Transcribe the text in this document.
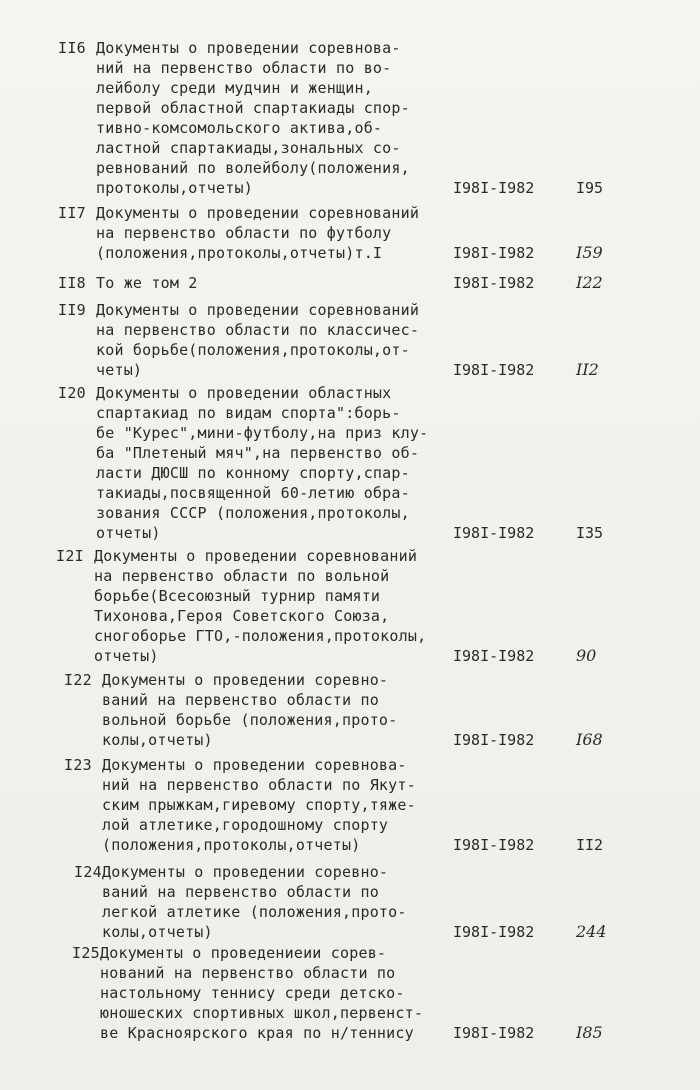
II6 Документы о проведении соревнова-
ний на первенство области по во-
лейболу среди мудчин и женщин,
первой областной спартакиады спор-
тивно-комсомольского актива,об-
ластной спартакиады,зональных со-
ревнований по волейболу(положения,
протоколы,отчеты)	I98I-I982	I95
II7 Документы о проведении соревнований
на первенство области по футболу
(положения,протоколы,отчеты)т.I	I98I-I982	I59
II8 То же том 2	I98I-I982	I22
II9 Документы о проведении соревнований
на первенство области по классичес-
кой борьбе(положения,протоколы,от-
четы)	I98I-I982	II2
I20 Документы о проведении областных
спартакиад по видам спорта":борь-
бе "Курес",мини-футболу,на приз клу-
ба "Плетеный мяч",на первенство об-
ласти ДЮСШ по конному спорту,спар-
такиады,посвященной 60-летию обра-
зования СССР (положения,протоколы,
отчеты)	I98I-I982	I35
I2I Документы о проведении соревнований
на первенство области по вольной
борьбе(Всесоюзный турнир памяти
Тихонова,Героя Советского Союза,
сногоборье ГТО,-положения,протоколы,
отчеты)	I98I-I982	90
I22 Документы о проведении соревно-
ваний на первенство области по
вольной борьбе (положения,прото-
колы,отчеты)	I98I-I982	I68
I23 Документы о проведении соревнова-
ний на первенство области по Якут-
ским прыжкам,гиревому спорту,тяже-
лой атлетике,городошному спорту
(положения,протоколы,отчеты)	I98I-I982	II2
I24 Документы о проведении соревно-
ваний на первенство области по
легкой атлетике (положения,прото-
колы,отчеты)	I98I-I982	244
I25 Документы о проведениеии сорев-
нований на первенство области по
настольному теннису среди детско-
юношеских спортивных школ,первенст-
ве Красноярского края по н/теннису	I98I-I982	I85
